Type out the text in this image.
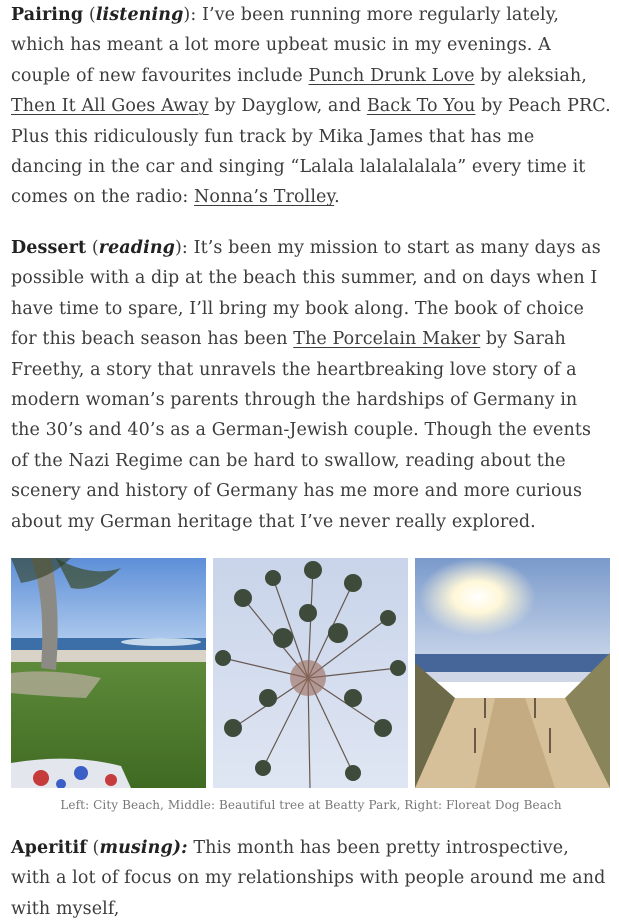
Pairing (listening): I’ve been running more regularly lately, which has meant a lot more upbeat music in my evenings. A couple of new favourites include Punch Drunk Love by aleksiah, Then It All Goes Away by Dayglow, and Back To You by Peach PRC. Plus this ridiculously fun track by Mika James that has me dancing in the car and singing “Lalala lalalalalala” every time it comes on the radio: Nonna’s Trolley.

Dessert (reading): It’s been my mission to start as many days as possible with a dip at the beach this summer, and on days when I have time to spare, I’ll bring my book along. The book of choice for this beach season has been The Porcelain Maker by Sarah Freethy, a story that unravels the heartbreaking love story of a modern woman’s parents through the hardships of Germany in the 30’s and 40’s as a German-Jewish couple. Though the events of the Nazi Regime can be hard to swallow, reading about the scenery and history of Germany has me more and more curious about my German heritage that I’ve never really explored.

Left: City Beach, Middle: Beautiful tree at Beatty Park, Right: Floreat Dog Beach

Aperitif (musing): This month has been pretty introspective, with a lot of focus on my relationships with people around me and with myself,
